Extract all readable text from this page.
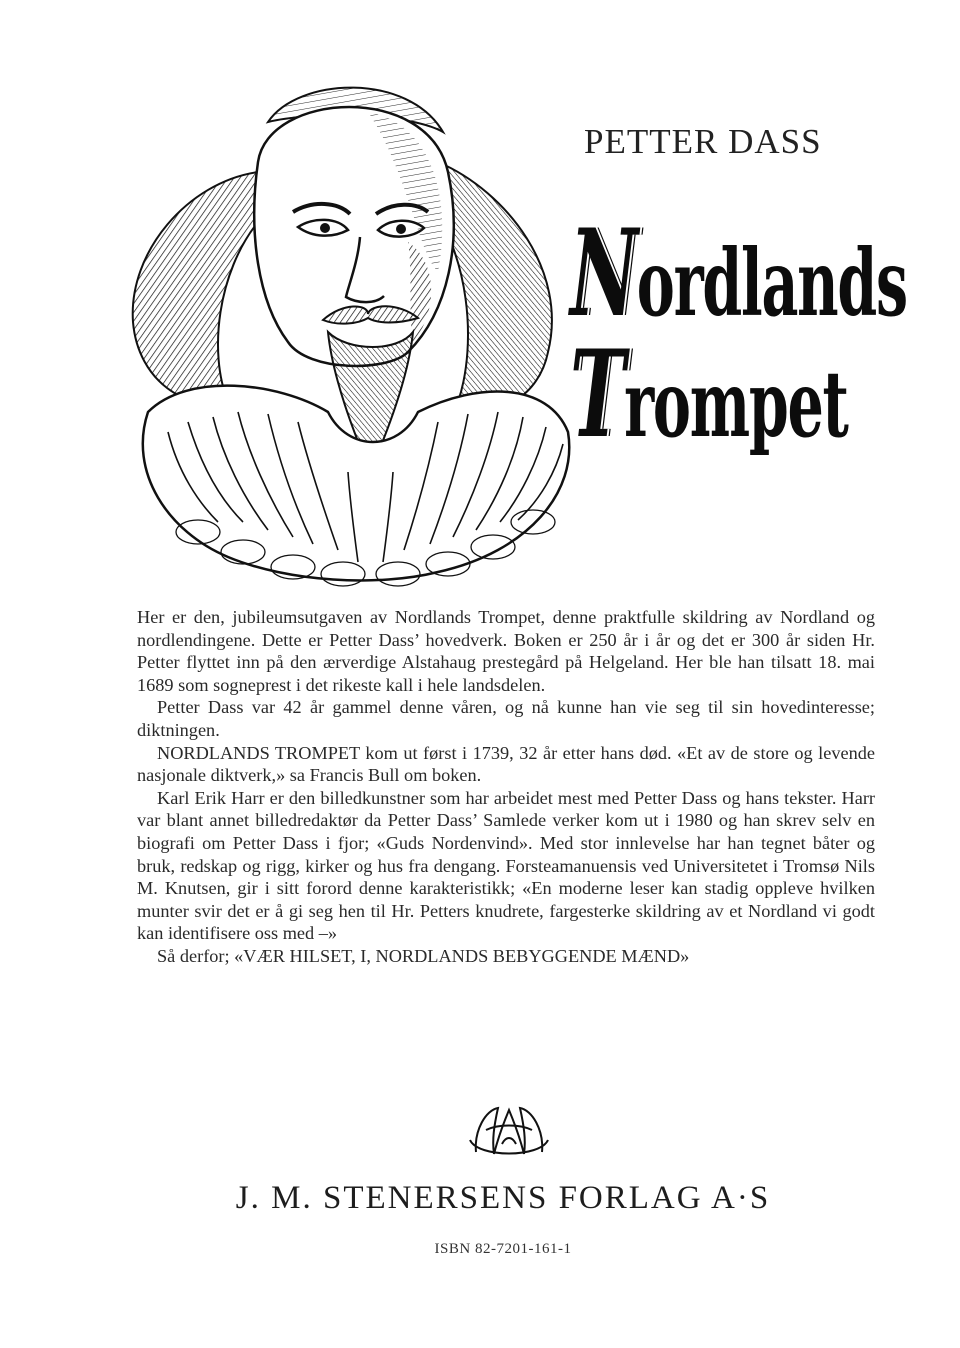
PETTER DASS
Nordlands
Trompet

Her er den, jubileumsutgaven av Nordlands Trompet, denne praktfulle skildring av Nordland og nordlendingene. Dette er Petter Dass’ hovedverk. Boken er 250 år i år og det er 300 år siden Hr. Petter flyttet inn på den ærverdige Alstahaug prestegård på Helgeland. Her ble han tilsatt 18. mai 1689 som sogneprest i det rikeste kall i hele landsdelen.

Petter Dass var 42 år gammel denne våren, og nå kunne han vie seg til sin hovedinteresse; diktningen.

NORDLANDS TROMPET kom ut først i 1739, 32 år etter hans død. «Et av de store og levende nasjonale diktverk,» sa Francis Bull om boken.

Karl Erik Harr er den billedkunstner som har arbeidet mest med Petter Dass og hans tekster. Harr var blant annet billedredaktør da Petter Dass’ Samlede verker kom ut i 1980 og han skrev selv en biografi om Petter Dass i fjor; «Guds Nordenvind». Med stor innlevelse har han tegnet båter og bruk, redskap og rigg, kirker og hus fra dengang. Forsteamanuensis ved Universitetet i Tromsø Nils M. Knutsen, gir i sitt forord denne karakteristikk; «En moderne leser kan stadig oppleve hvilken munter svir det er å gi seg hen til Hr. Petters knudrete, fargesterke skildring av et Nordland vi godt kan identifisere oss med –»

Så derfor; «VÆR HILSET, I, NORDLANDS BEBYGGENDE MÆND»

J. M. STENERSENS FORLAG A·S
ISBN 82-7201-161-1
